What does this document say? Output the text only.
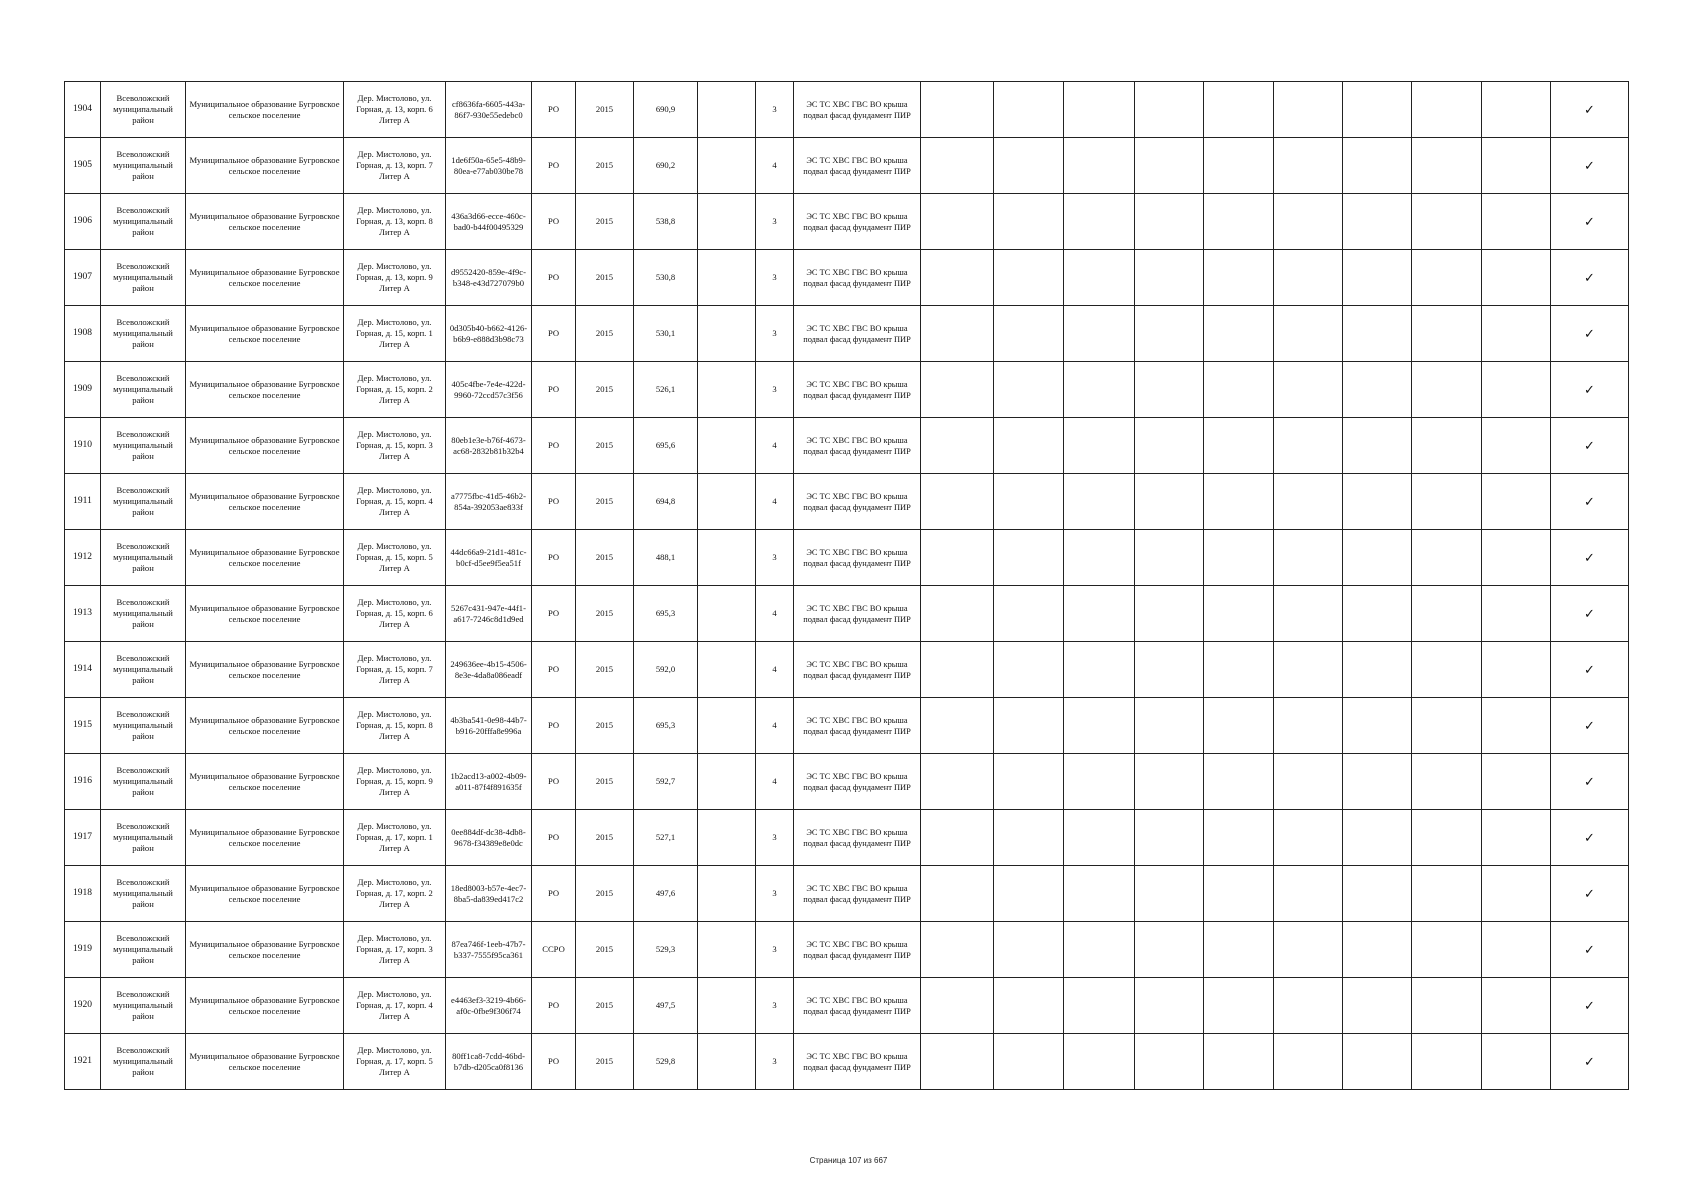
1904	Всеволожский муниципальный район	Муниципальное образование Бугровское сельское поселение	Дер. Мистолово, ул. Горная, д. 13, корп. 6 Литер А	cf8636fa-6605-443a-86f7-930e55edebc0	РО	2015	690,9		3	ЭС ТС ХВС ГВС ВО крыша подвал фасад фундамент ПИР										✓
1905	Всеволожский муниципальный район	Муниципальное образование Бугровское сельское поселение	Дер. Мистолово, ул. Горная, д. 13, корп. 7 Литер А	1de6f50a-65e5-48b9-80ea-e77ab030be78	РО	2015	690,2		4	ЭС ТС ХВС ГВС ВО крыша подвал фасад фундамент ПИР										✓
1906	Всеволожский муниципальный район	Муниципальное образование Бугровское сельское поселение	Дер. Мистолово, ул. Горная, д. 13, корп. 8 Литер А	436a3d66-ecce-460c-bad0-b44f00495329	РО	2015	538,8		3	ЭС ТС ХВС ГВС ВО крыша подвал фасад фундамент ПИР										✓
1907	Всеволожский муниципальный район	Муниципальное образование Бугровское сельское поселение	Дер. Мистолово, ул. Горная, д. 13, корп. 9 Литер А	d9552420-859e-4f9c-b348-e43d727079b0	РО	2015	530,8		3	ЭС ТС ХВС ГВС ВО крыша подвал фасад фундамент ПИР										✓
1908	Всеволожский муниципальный район	Муниципальное образование Бугровское сельское поселение	Дер. Мистолово, ул. Горная, д. 15, корп. 1 Литер А	0d305b40-b662-4126-b6b9-e888d3b98c73	РО	2015	530,1		3	ЭС ТС ХВС ГВС ВО крыша подвал фасад фундамент ПИР										✓
1909	Всеволожский муниципальный район	Муниципальное образование Бугровское сельское поселение	Дер. Мистолово, ул. Горная, д. 15, корп. 2 Литер А	405c4fbe-7e4e-422d-9960-72ccd57c3f56	РО	2015	526,1		3	ЭС ТС ХВС ГВС ВО крыша подвал фасад фундамент ПИР										✓
1910	Всеволожский муниципальный район	Муниципальное образование Бугровское сельское поселение	Дер. Мистолово, ул. Горная, д. 15, корп. 3 Литер А	80eb1e3e-b76f-4673-ac68-2832b81b32b4	РО	2015	695,6		4	ЭС ТС ХВС ГВС ВО крыша подвал фасад фундамент ПИР										✓
1911	Всеволожский муниципальный район	Муниципальное образование Бугровское сельское поселение	Дер. Мистолово, ул. Горная, д. 15, корп. 4 Литер А	a7775fbc-41d5-46b2-854a-392053ae833f	РО	2015	694,8		4	ЭС ТС ХВС ГВС ВО крыша подвал фасад фундамент ПИР										✓
1912	Всеволожский муниципальный район	Муниципальное образование Бугровское сельское поселение	Дер. Мистолово, ул. Горная, д. 15, корп. 5 Литер А	44dc66a9-21d1-481c-b0cf-d5ee9f5ea51f	РО	2015	488,1		3	ЭС ТС ХВС ГВС ВО крыша подвал фасад фундамент ПИР										✓
1913	Всеволожский муниципальный район	Муниципальное образование Бугровское сельское поселение	Дер. Мистолово, ул. Горная, д. 15, корп. 6 Литер А	5267c431-947e-44f1-a617-7246c8d1d9ed	РО	2015	695,3		4	ЭС ТС ХВС ГВС ВО крыша подвал фасад фундамент ПИР										✓
1914	Всеволожский муниципальный район	Муниципальное образование Бугровское сельское поселение	Дер. Мистолово, ул. Горная, д. 15, корп. 7 Литер А	249636ee-4b15-4506-8e3e-4da8a086eadf	РО	2015	592,0		4	ЭС ТС ХВС ГВС ВО крыша подвал фасад фундамент ПИР										✓
1915	Всеволожский муниципальный район	Муниципальное образование Бугровское сельское поселение	Дер. Мистолово, ул. Горная, д. 15, корп. 8 Литер А	4b3ba541-0e98-44b7-b916-20fffa8e996a	РО	2015	695,3		4	ЭС ТС ХВС ГВС ВО крыша подвал фасад фундамент ПИР										✓
1916	Всеволожский муниципальный район	Муниципальное образование Бугровское сельское поселение	Дер. Мистолово, ул. Горная, д. 15, корп. 9 Литер А	1b2acd13-a002-4b09-a011-87f4f891635f	РО	2015	592,7		4	ЭС ТС ХВС ГВС ВО крыша подвал фасад фундамент ПИР										✓
1917	Всеволожский муниципальный район	Муниципальное образование Бугровское сельское поселение	Дер. Мистолово, ул. Горная, д. 17, корп. 1 Литер А	0ee884df-dc38-4db8-9678-f34389e8e0dc	РО	2015	527,1		3	ЭС ТС ХВС ГВС ВО крыша подвал фасад фундамент ПИР										✓
1918	Всеволожский муниципальный район	Муниципальное образование Бугровское сельское поселение	Дер. Мистолово, ул. Горная, д. 17, корп. 2 Литер А	18ed8003-b57e-4ec7-8ba5-da839ed417c2	РО	2015	497,6		3	ЭС ТС ХВС ГВС ВО крыша подвал фасад фундамент ПИР										✓
1919	Всеволожский муниципальный район	Муниципальное образование Бугровское сельское поселение	Дер. Мистолово, ул. Горная, д. 17, корп. 3 Литер А	87ea746f-1eeb-47b7-b337-7555f95ca361	ССРО	2015	529,3		3	ЭС ТС ХВС ГВС ВО крыша подвал фасад фундамент ПИР										✓
1920	Всеволожский муниципальный район	Муниципальное образование Бугровское сельское поселение	Дер. Мистолово, ул. Горная, д. 17, корп. 4 Литер А	e4463ef3-3219-4b66-af0c-0fbe9f306f74	РО	2015	497,5		3	ЭС ТС ХВС ГВС ВО крыша подвал фасад фундамент ПИР										✓
1921	Всеволожский муниципальный район	Муниципальное образование Бугровское сельское поселение	Дер. Мистолово, ул. Горная, д. 17, корп. 5 Литер А	80ff1ca8-7cdd-46bd-b7db-d205ca0f8136	РО	2015	529,8		3	ЭС ТС ХВС ГВС ВО крыша подвал фасад фундамент ПИР										✓
Страница 107 из 667
